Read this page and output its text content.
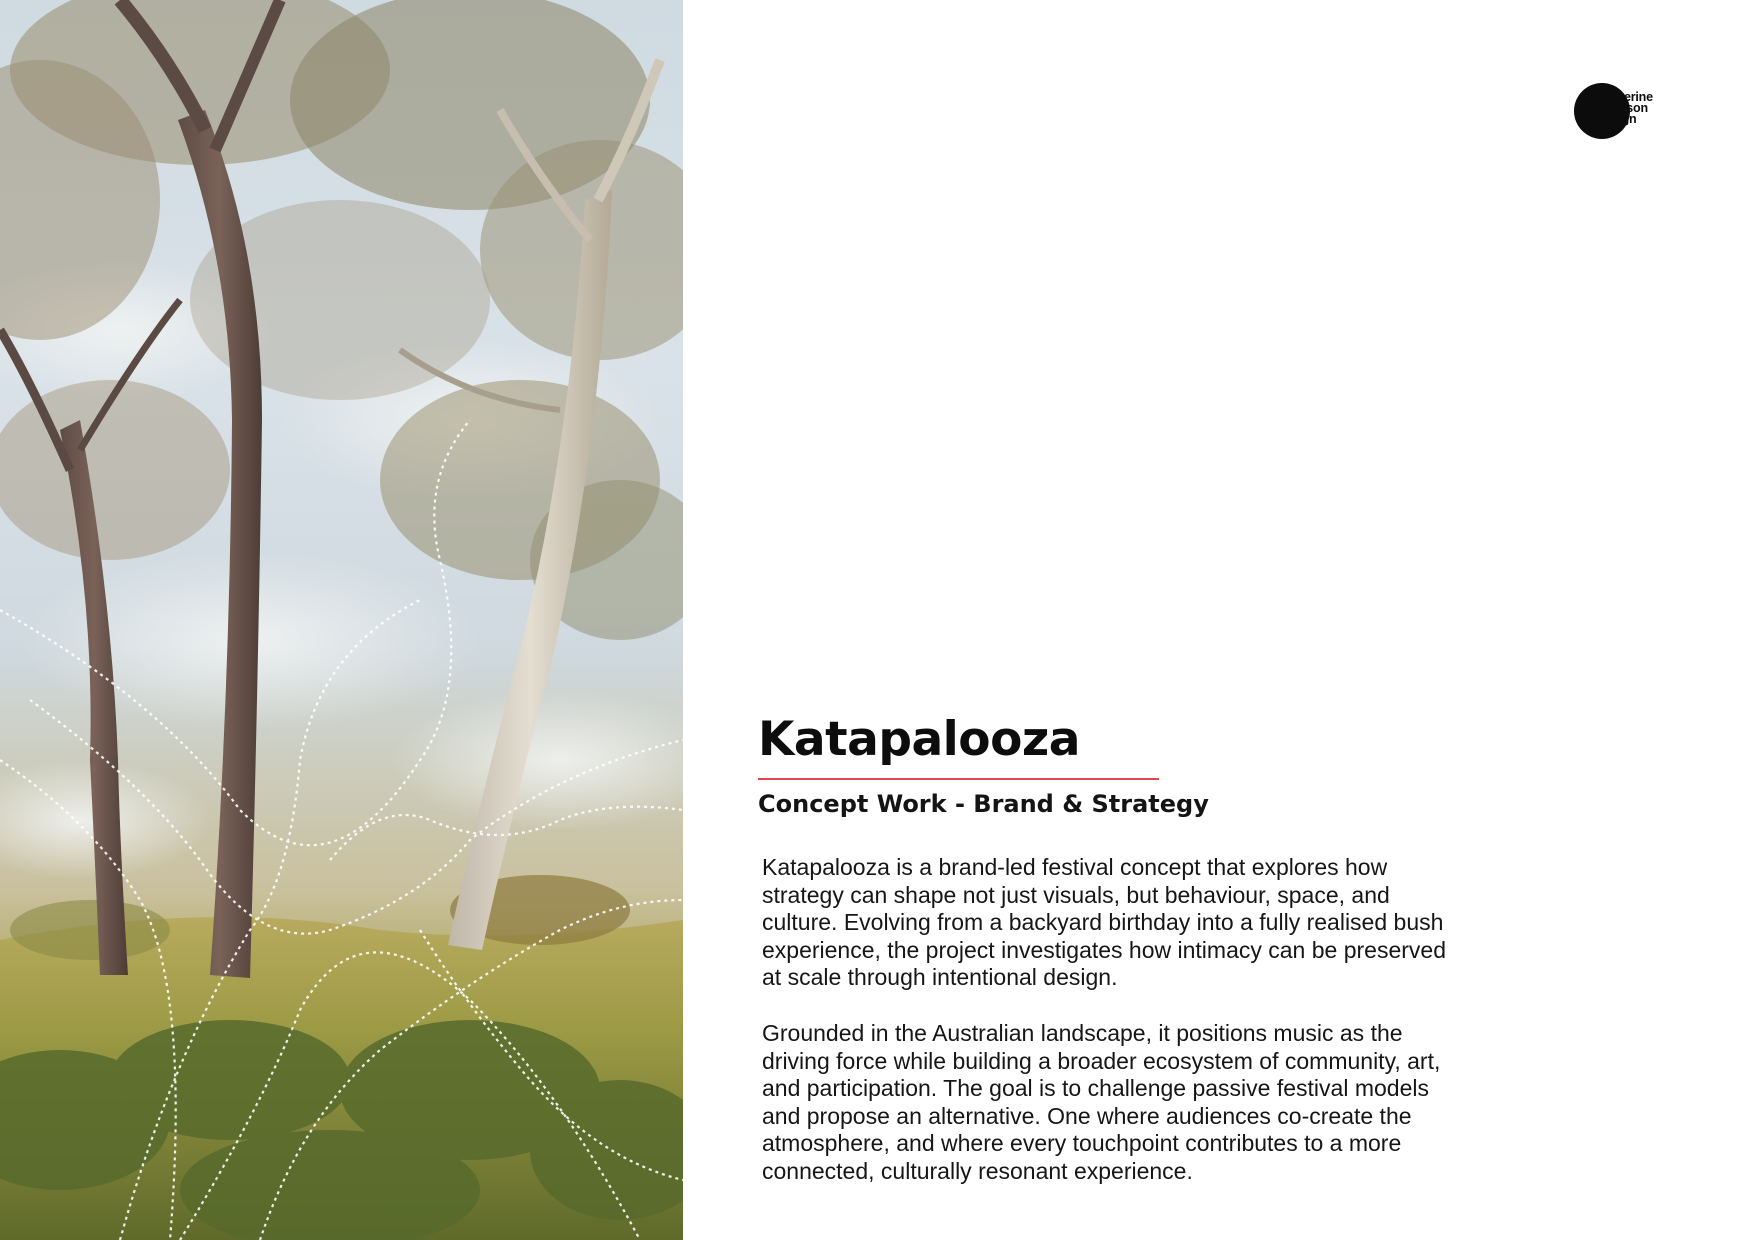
Katherine
Paterson
Design
Katapalooza
Concept Work - Brand & Strategy

Katapalooza is a brand-led festival concept that explores how
strategy can shape not just visuals, but behaviour, space, and
culture. Evolving from a backyard birthday into a fully realised bush
experience, the project investigates how intimacy can be preserved
at scale through intentional design.

Grounded in the Australian landscape, it positions music as the
driving force while building a broader ecosystem of community, art,
and participation. The goal is to challenge passive festival models
and propose an alternative. One where audiences co-create the
atmosphere, and where every touchpoint contributes to a more
connected, culturally resonant experience.
